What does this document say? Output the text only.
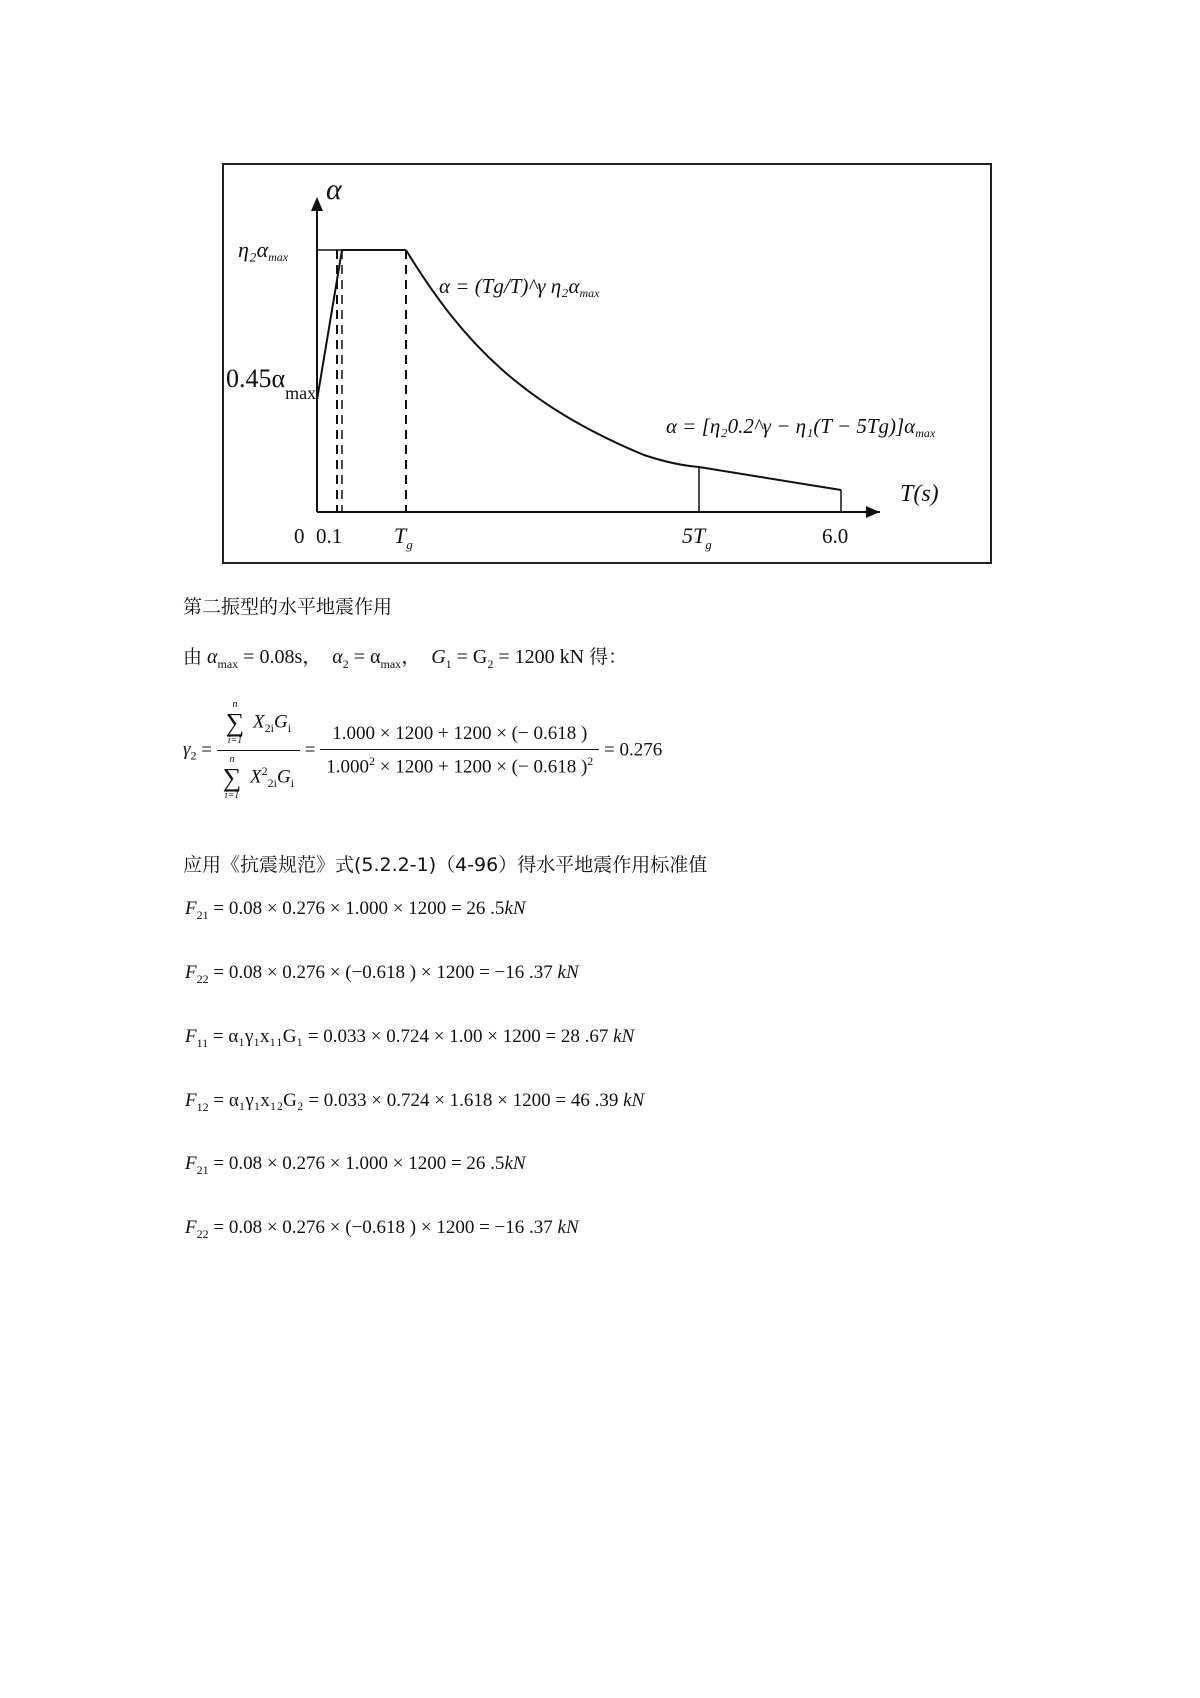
α
η₂αmax
$0.45\alpha_{max}$
α = (Tg/T)^γ η₂αmax
α = [η₂0.2^γ − η₁(T − 5Tg)]αmax
T(s)
0 0.1 $T_g$	$5T_g$	6.0
第二振型的水平地震作用
由 $\alpha_{max} = 0.08s$， $\alpha_2 = \alpha_{max}$， $G_1 = G_2 = 1200$ kN 得：
$\gamma_2 = n$
∑
i=1
$X_{2i}G_i$
n
∑
i=1
$X^2_{2i}G_i = \frac{1.000 \times 1200 + 1200 \times (- 0.618 )}{1.000^2 \times 1200 + 1200 \times (- 0.618 )^2} = 0.276$
应用《抗震规范》式(5.2.2-1)（4-96）得水平地震作用标准值
$F_{21} = 0.08 \times 0.276 \times 1.000 \times 1200 = 26$ .5kN
$F_{22} = 0.08 \times 0.276 \times (-0.618$ ) × 1200 = −16 .37 kN
$F_{11} = \alpha_1\gamma_1x_{11}G_1 = 0.033 \times 0.724 \times 1.00 \times 1200 = 28$ .67 kN
$F_{12} = \alpha_1\gamma_1x_{12}G_2 = 0.033 \times 0.724 \times 1.618 \times 1200 = 46$ .39 kN
$F_{21} = 0.08 \times 0.276 \times 1.000 \times 1200 = 26$ .5kN
$F_{22} = 0.08 \times 0.276 \times (-0.618$ ) × 1200 = −16 .37 kN
